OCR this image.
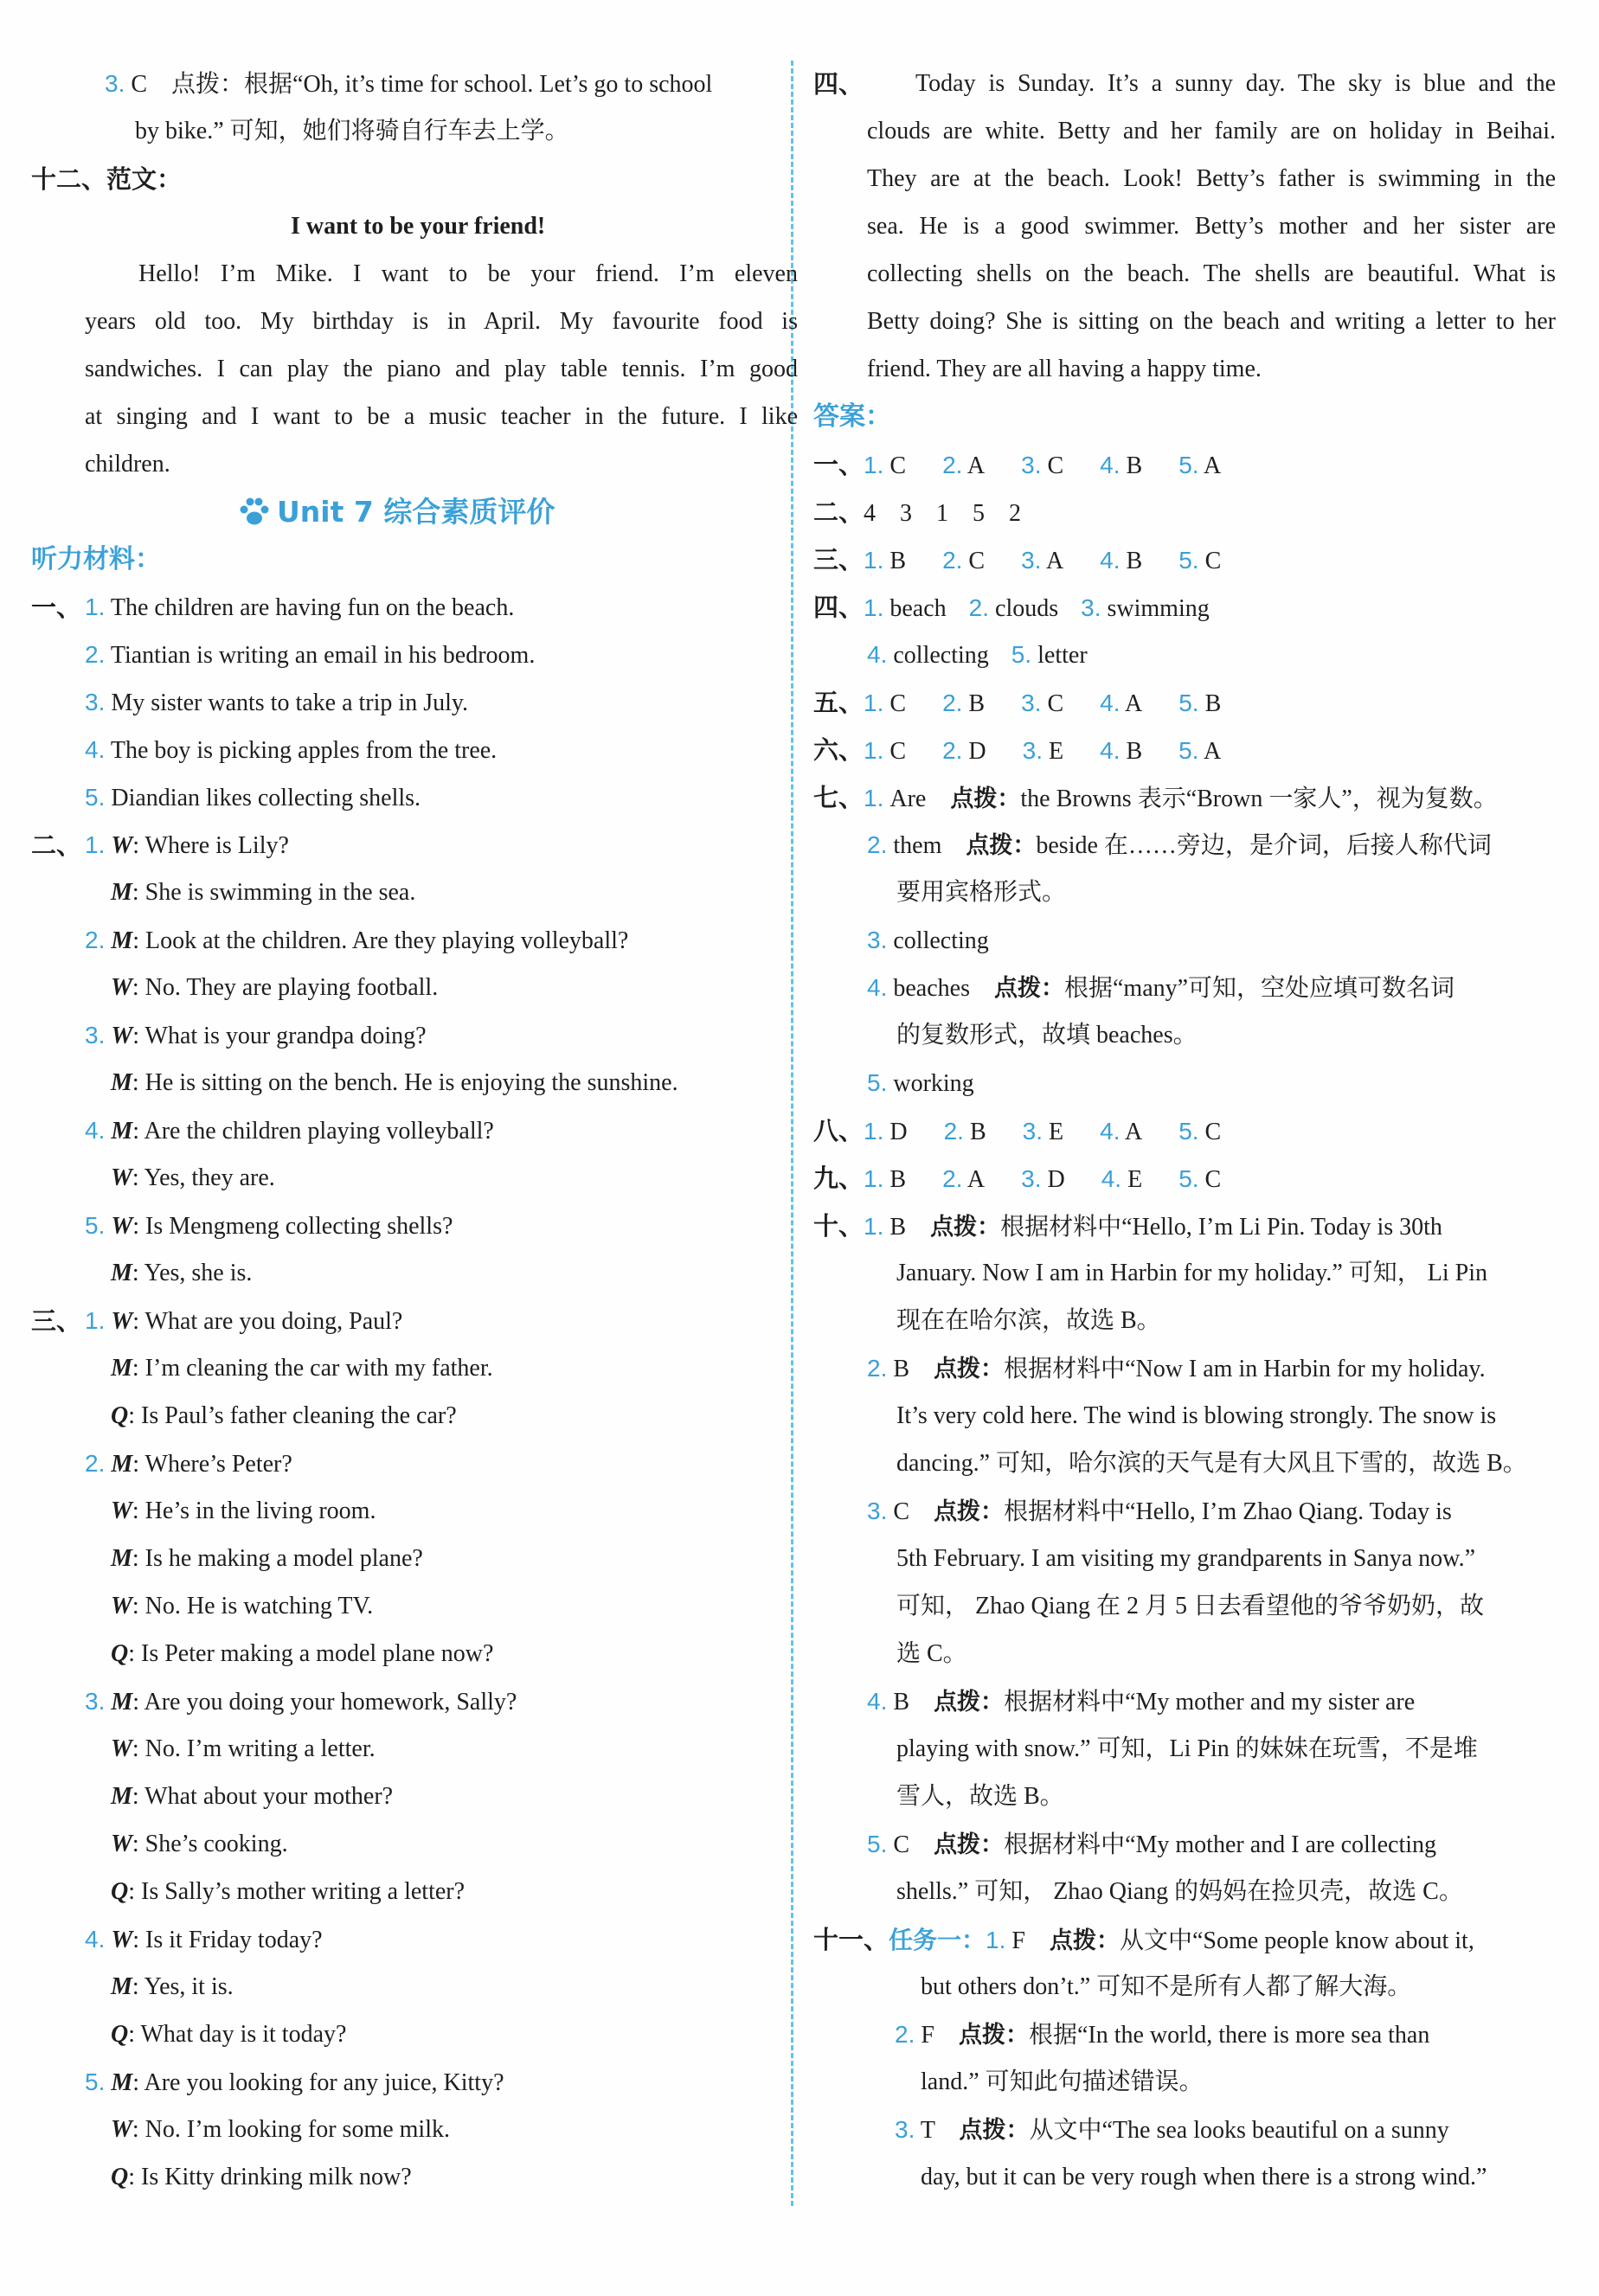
3. C　点拨：根据“Oh, it’s time for school. Let’s go to school
by bike.” 可知，她们将骑自行车去上学。
十二、范文：
I want to be your friend!
Hello! I’m Mike. I want to be your friend. I’m eleven
years old too. My birthday is in April. My favourite food is
sandwiches. I can play the piano and play table tennis. I’m good
at singing and I want to be a music teacher in the future. I like
children.
Unit 7 综合素质评价
听力材料：
一、 1. The children are having fun on the beach.
2. Tiantian is writing an email in his bedroom.
3. My sister wants to take a trip in July.
4. The boy is picking apples from the tree.
5. Diandian likes collecting shells.
二、 1. W: Where is Lily?
M: She is swimming in the sea.
2. M: Look at the children. Are they playing volleyball?
W: No. They are playing football.
3. W: What is your grandpa doing?
M: He is sitting on the bench. He is enjoying the sunshine.
4. M: Are the children playing volleyball?
W: Yes, they are.
5. W: Is Mengmeng collecting shells?
M: Yes, she is.
三、 1. W: What are you doing, Paul?
M: I’m cleaning the car with my father.
Q: Is Paul’s father cleaning the car?
2. M: Where’s Peter?
W: He’s in the living room.
M: Is he making a model plane?
W: No. He is watching TV.
Q: Is Peter making a model plane now?
3. M: Are you doing your homework, Sally?
W: No. I’m writing a letter.
M: What about your mother?
W: She’s cooking.
Q: Is Sally’s mother writing a letter?
4. W: Is it Friday today?
M: Yes, it is.
Q: What day is it today?
5. M: Are you looking for any juice, Kitty?
W: No. I’m looking for some milk.
Q: Is Kitty drinking milk now?
四、	Today is Sunday. It’s a sunny day. The sky is blue and the
clouds are white. Betty and her family are on holiday in Beihai.
They are at the beach. Look! Betty’s father is swimming in the
sea. He is a good swimmer. Betty’s mother and her sister are
collecting shells on the beach. The shells are beautiful. What is
Betty doing? She is sitting on the beach and writing a letter to her
friend. They are all having a happy time.
答案：
一、1. C 2. A 3. C 4. B 5. A
二、4　3　1　5　2
三、1. B 2. C 3. A 4. B 5. C
四、1. beach 2. clouds 3. swimming
4. collecting 5. letter
五、1. C 2. B 3. C 4. A 5. B
六、1. C 2. D 3. E 4. B 5. A
七、1. Are　 点拨：the Browns 表示“Brown 一家人”，视为复数。
2. them　 点拨：beside 在……旁边，是介词，后接人称代词
要用宾格形式。
3. collecting
4. beaches　 点拨：根据“many”可知，空处应填可数名词
的复数形式，故填 beaches。
5. working
八、1. D 2. B 3. E 4. A 5. C
九、1. B 2. A 3. D 4. E 5. C
十、1. B　 点拨：根据材料中“Hello, I’m Li Pin. Today is 30th
January. Now I am in Harbin for my holiday.” 可知， Li Pin
现在在哈尔滨，故选 B。
2. B　 点拨：根据材料中“Now I am in Harbin for my holiday.
It’s very cold here. The wind is blowing strongly. The snow is
dancing.” 可知，哈尔滨的天气是有大风且下雪的，故选 B。
3. C　 点拨：根据材料中“Hello, I’m Zhao Qiang. Today is
5th February. I am visiting my grandparents in Sanya now.”
可知， Zhao Qiang 在 2 月 5 日去看望他的爷爷奶奶，故
选 C。
4. B　 点拨：根据材料中“My mother and my sister are
playing with snow.” 可知，Li Pin 的妹妹在玩雪，不是堆
雪人，故选 B。
5. C　 点拨：根据材料中“My mother and I are collecting
shells.” 可知， Zhao Qiang 的妈妈在捡贝壳，故选 C。
十一、任务一：1. F　 点拨：从文中“Some people know about it,
but others don’t.” 可知不是所有人都了解大海。
2. F　 点拨：根据“In the world, there is more sea than
land.” 可知此句描述错误。
3. T　 点拨：从文中“The sea looks beautiful on a sunny
day, but it can be very rough when there is a strong wind.”
